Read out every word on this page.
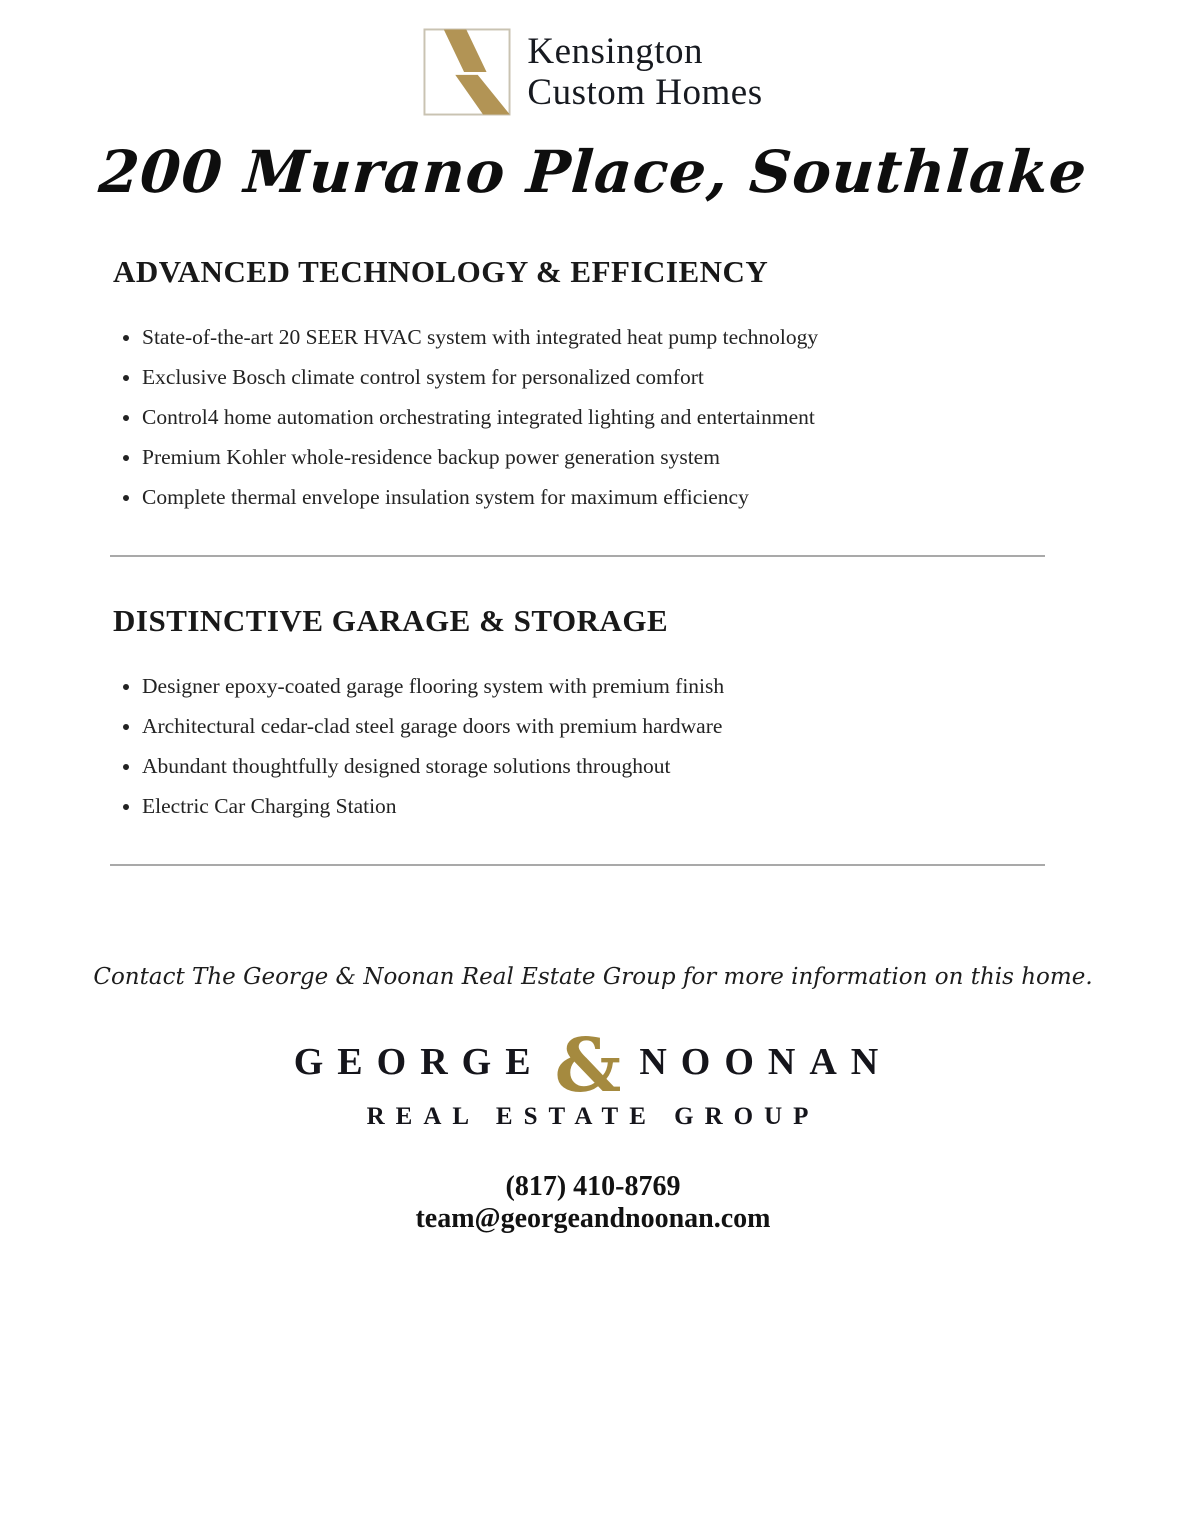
Kensington
Custom Homes
200 Murano Place, Southlake
ADVANCED TECHNOLOGY & EFFICIENCY
• State-of-the-art 20 SEER HVAC system with integrated heat pump technology
• Exclusive Bosch climate control system for personalized comfort
• Control4 home automation orchestrating integrated lighting and entertainment
• Premium Kohler whole-residence backup power generation system
• Complete thermal envelope insulation system for maximum efficiency
DISTINCTIVE GARAGE & STORAGE
• Designer epoxy-coated garage flooring system with premium finish
• Architectural cedar-clad steel garage doors with premium hardware
• Abundant thoughtfully designed storage solutions throughout
• Electric Car Charging Station

Contact The George & Noonan Real Estate Group for more information on this home.

GEORGE & NOONAN
REAL ESTATE GROUP
(817) 410-8769
team@georgeandnoonan.com
